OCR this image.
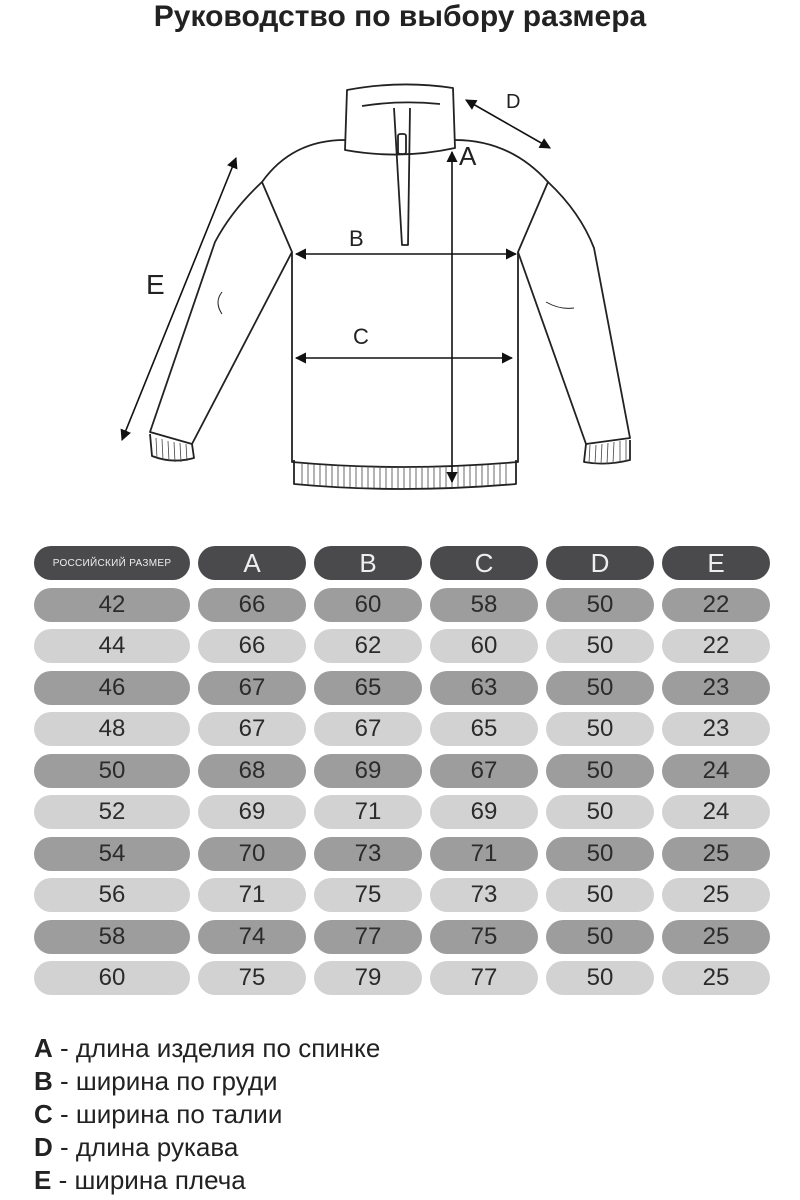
Руководство по выбору размера
A
B
C
D
E
РОССИЙСКИЙ РАЗМЕР	A	B	C	D	E
42	66	60	58	50	22
44	66	62	60	50	22
46	67	65	63	50	23
48	67	67	65	50	23
50	68	69	67	50	24
52	69	71	69	50	24
54	70	73	71	50	25
56	71	75	73	50	25
58	74	77	75	50	25
60	75	79	77	50	25
A - длина изделия по спинке
B - ширина по груди
C - ширина по талии
D - длина рукава
E - ширина плеча
